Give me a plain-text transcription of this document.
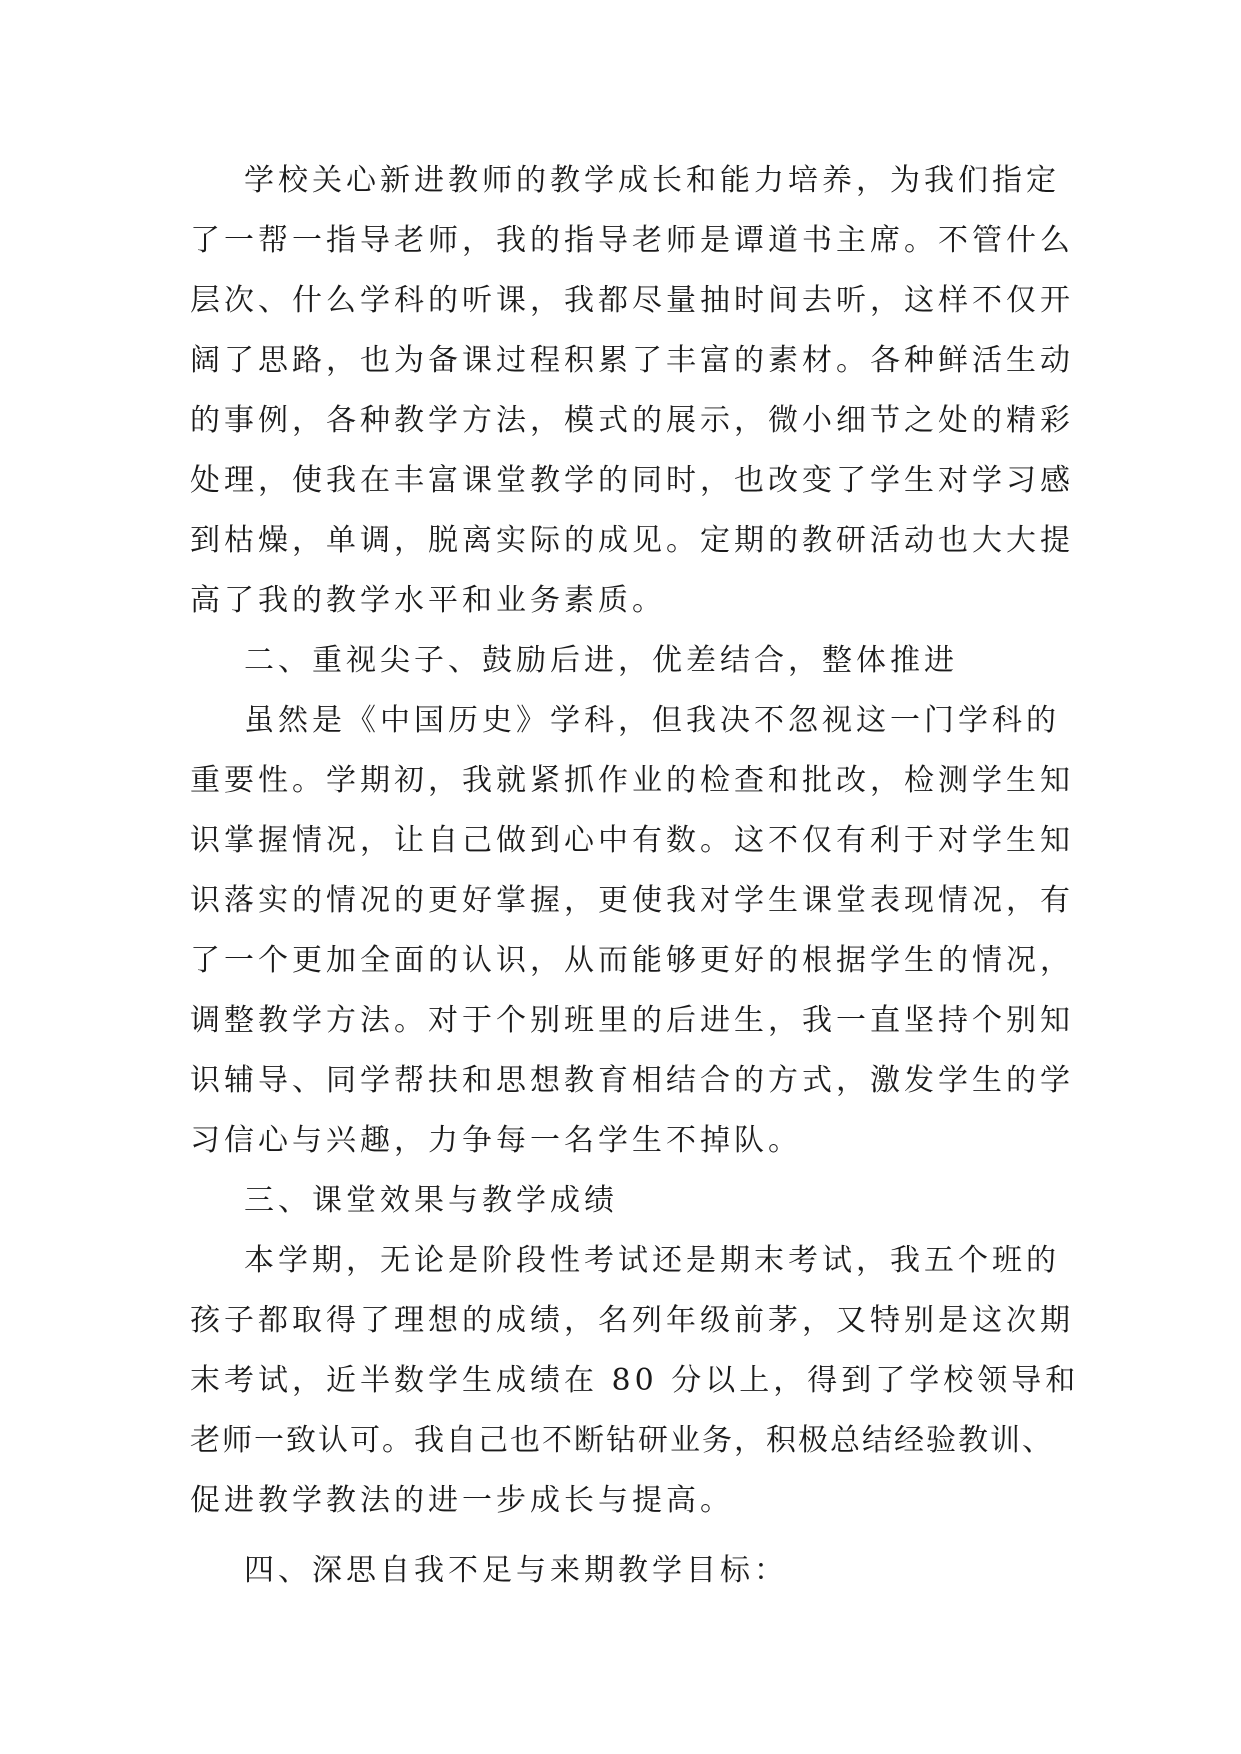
学校关心新进教师的教学成长和能力培养，为我们指定
了一帮一指导老师，我的指导老师是谭道书主席。不管什么
层次、什么学科的听课，我都尽量抽时间去听，这样不仅开
阔了思路，也为备课过程积累了丰富的素材。各种鲜活生动
的事例，各种教学方法，模式的展示，微小细节之处的精彩
处理，使我在丰富课堂教学的同时，也改变了学生对学习感
到枯燥，单调，脱离实际的成见。定期的教研活动也大大提
高了我的教学水平和业务素质。
二、重视尖子、鼓励后进，优差结合，整体推进
虽然是《中国历史》学科，但我决不忽视这一门学科的
重要性。学期初，我就紧抓作业的检查和批改，检测学生知
识掌握情况，让自己做到心中有数。这不仅有利于对学生知
识落实的情况的更好掌握，更使我对学生课堂表现情况，有
了一个更加全面的认识，从而能够更好的根据学生的情况，
调整教学方法。对于个别班里的后进生，我一直坚持个别知
识辅导、同学帮扶和思想教育相结合的方式，激发学生的学
习信心与兴趣，力争每一名学生不掉队。
三、课堂效果与教学成绩
本学期，无论是阶段性考试还是期末考试，我五个班的
孩子都取得了理想的成绩，名列年级前茅，又特别是这次期
末考试，近半数学生成绩在 80 分以上，得到了学校领导和
老师一致认可。我自己也不断钻研业务，积极总结经验教训、
促进教学教法的进一步成长与提高。
四、深思自我不足与来期教学目标：
